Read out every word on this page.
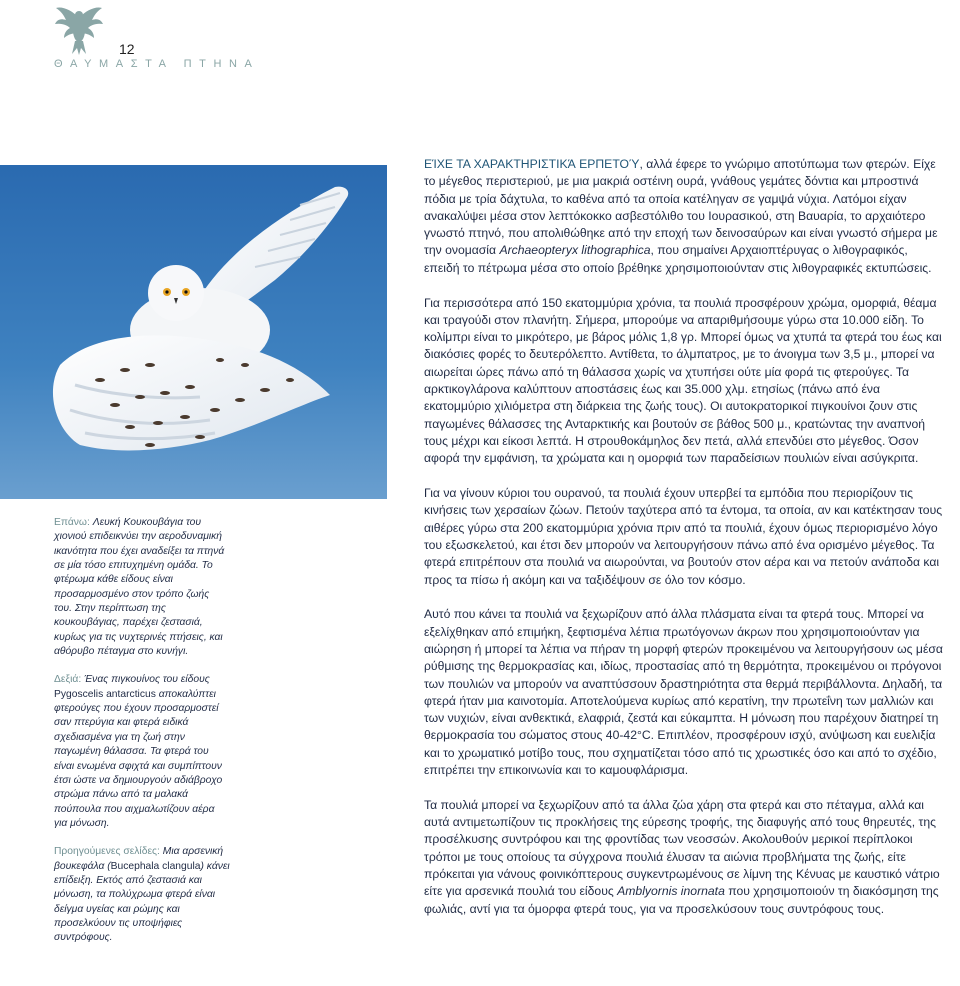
12
ΘΑΥΜΑΣΤΑ ΠΤΗΝΑ

Επάνω: Λευκή Κουκουβάγια του χιονιού επιδεικνύει την αεροδυναμική ικανότητα που έχει αναδείξει τα πτηνά σε μία τόσο επιτυχημένη ομάδα. Το φτέρωμα κάθε είδους είναι προσαρμοσμένο στον τρόπο ζωής του. Στην περίπτωση της κουκουβάγιας, παρέχει ζεστασιά, κυρίως για τις νυχτερινές πτήσεις, και αθόρυβο πέταγμα στο κυνήγι.

Δεξιά: Ένας πιγκουίνος του είδους Pygoscelis antarcticus αποκαλύπτει φτερούγες που έχουν προσαρμοστεί σαν πτερύγια και φτερά ειδικά σχεδιασμένα για τη ζωή στην παγωμένη θάλασσα. Τα φτερά του είναι ενωμένα σφιχτά και συμπίπτουν έτσι ώστε να δημιουργούν αδιάβροχο στρώμα πάνω από τα μαλακά πούπουλα που αιχμαλωτίζουν αέρα για μόνωση.

Προηγούμενες σελίδες: Μια αρσενική βουκεφάλα (Bucephala clangula) κάνει επίδειξη. Εκτός από ζεστασιά και μόνωση, τα πολύχρωμα φτερά είναι δείγμα υγείας και ρώμης και προσελκύουν τις υποψήφιες συντρόφους.

ΕΊΧΕ ΤΑ ΧΑΡΑΚΤΗΡΙΣΤΙΚΆ ΕΡΠΕΤΟΎ, αλλά έφερε το γνώριμο αποτύπωμα των φτερών. Είχε το μέγεθος περιστεριού, με μια μακριά οστέινη ουρά, γνάθους γεμάτες δόντια και μπροστινά πόδια με τρία δάχτυλα, το καθένα από τα οποία κατέληγαν σε γαμψά νύχια. Λατόμοι είχαν ανακαλύψει μέσα στον λεπτόκοκκο ασβεστόλιθο του Ιουρασικού, στη Βαυαρία, το αρχαιότερο γνωστό πτηνό, που απολιθώθηκε από την εποχή των δεινοσαύρων και είναι γνωστό σήμερα με την ονομασία Archaeopteryx lithographica, που σημαίνει Αρχαιοπτέρυγας ο λιθογραφικός, επειδή το πέτρωμα μέσα στο οποίο βρέθηκε χρησιμοποιούνταν στις λιθογραφικές εκτυπώσεις.

Για περισσότερα από 150 εκατομμύρια χρόνια, τα πουλιά προσφέρουν χρώμα, ομορφιά, θέαμα και τραγούδι στον πλανήτη. Σήμερα, μπορούμε να απαριθμήσουμε γύρω στα 10.000 είδη. Το κολίμπρι είναι το μικρότερο, με βάρος μόλις 1,8 γρ. Μπορεί όμως να χτυπά τα φτερά του έως και διακόσιες φορές το δευτερόλεπτο. Αντίθετα, το άλμπατρος, με το άνοιγμα των 3,5 μ., μπορεί να αιωρείται ώρες πάνω από τη θάλασσα χωρίς να χτυπήσει ούτε μία φορά τις φτερούγες. Τα αρκτικογλάρονα καλύπτουν αποστάσεις έως και 35.000 χλμ. ετησίως (πάνω από ένα εκατομμύριο χιλιόμετρα στη διάρκεια της ζωής τους). Οι αυτοκρατορικοί πιγκουίνοι ζουν στις παγωμένες θάλασσες της Ανταρκτικής και βουτούν σε βάθος 500 μ., κρατώντας την αναπνοή τους μέχρι και είκοσι λεπτά. Η στρουθοκάμηλος δεν πετά, αλλά επενδύει στο μέγεθος. Όσον αφορά την εμφάνιση, τα χρώματα και η ομορφιά των παραδείσιων πουλιών είναι ασύγκριτα.

Για να γίνουν κύριοι του ουρανού, τα πουλιά έχουν υπερβεί τα εμπόδια που περιορίζουν τις κινήσεις των χερσαίων ζώων. Πετούν ταχύτερα από τα έντομα, τα οποία, αν και κατέκτησαν τους αιθέρες γύρω στα 200 εκατομμύρια χρόνια πριν από τα πουλιά, έχουν όμως περιορισμένο λόγο του εξωσκελετού, και έτσι δεν μπορούν να λειτουργήσουν πάνω από ένα ορισμένο μέγεθος. Τα φτερά επιτρέπουν στα πουλιά να αιωρούνται, να βουτούν στον αέρα και να πετούν ανάποδα και προς τα πίσω ή ακόμη και να ταξιδέψουν σε όλο τον κόσμο.

Αυτό που κάνει τα πουλιά να ξεχωρίζουν από άλλα πλάσματα είναι τα φτερά τους. Μπορεί να εξελίχθηκαν από επιμήκη, ξεφτισμένα λέπια πρωτόγονων άκρων που χρησιμοποιούνταν για αιώρηση ή μπορεί τα λέπια να πήραν τη μορφή φτερών προκειμένου να λειτουργήσουν ως μέσα ρύθμισης της θερμοκρασίας και, ιδίως, προστασίας από τη θερμότητα, προκειμένου οι πρόγονοι των πουλιών να μπορούν να αναπτύσσουν δραστηριότητα στα θερμά περιβάλλοντα. Δηλαδή, τα φτερά ήταν μια καινοτομία. Αποτελούμενα κυρίως από κερατίνη, την πρωτεΐνη των μαλλιών και των νυχιών, είναι ανθεκτικά, ελαφριά, ζεστά και εύκαμπτα. Η μόνωση που παρέχουν διατηρεί τη θερμοκρασία του σώματος στους 40-42°C. Επιπλέον, προσφέρουν ισχύ, ανύψωση και ευελιξία και το χρωματικό μοτίβο τους, που σχηματίζεται τόσο από τις χρωστικές όσο και από το σχέδιο, επιτρέπει την επικοινωνία και το καμουφλάρισμα.

Τα πουλιά μπορεί να ξεχωρίζουν από τα άλλα ζώα χάρη στα φτερά και στο πέταγμα, αλλά και αυτά αντιμετωπίζουν τις προκλήσεις της εύρεσης τροφής, της διαφυγής από τους θηρευτές, της προσέλκυσης συντρόφου και της φροντίδας των νεοσσών. Ακολουθούν μερικοί περίπλοκοι τρόποι με τους οποίους τα σύγχρονα πουλιά έλυσαν τα αιώνια προβλήματα της ζωής, είτε πρόκειται για νάνους φοινικόπτερους συγκεντρωμένους σε λίμνη της Κένυας με καυστικό νάτριο είτε για αρσενικά πουλιά του είδους Amblyornis inornata που χρησιμοποιούν τη διακόσμηση της φωλιάς, αντί για τα όμορφα φτερά τους, για να προσελκύσουν τους συντρόφους τους.
